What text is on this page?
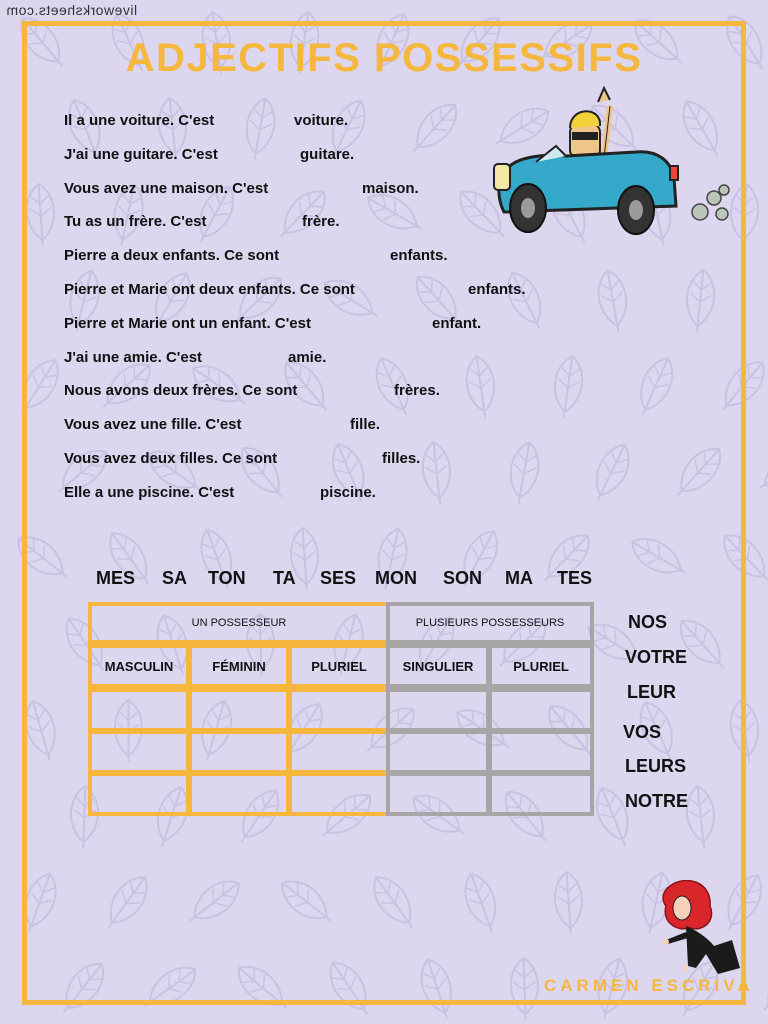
liveworksheets.com
ADJECTIFS POSSESSIFS
Il a une voiture. C'est	voiture.
J'ai une guitare. C'est	guitare.
Vous avez une maison. C'est	maison.
Tu as un frère. C'est	frère.
Pierre a deux enfants. Ce sont	enfants.
Pierre et Marie ont deux enfants. Ce sont	enfants.
Pierre et Marie ont un enfant. C'est	enfant.
J'ai une amie. C'est	amie.
Nous avons deux frères. Ce sont	frères.
Vous avez une fille. C'est	fille.
Vous avez deux filles. Ce sont	filles.
Elle a une piscine. C'est	piscine.
MES SA TON TA SES MON SON MA TES
UN POSSESSEUR	PLUSIEURS POSSESSEURS
MASCULIN	FÉMININ	PLURIEL	SINGULIER	PLURIEL
NOS
VOTRE
LEUR
VOS
LEURS
NOTRE
CARMEN ESCRIVA
